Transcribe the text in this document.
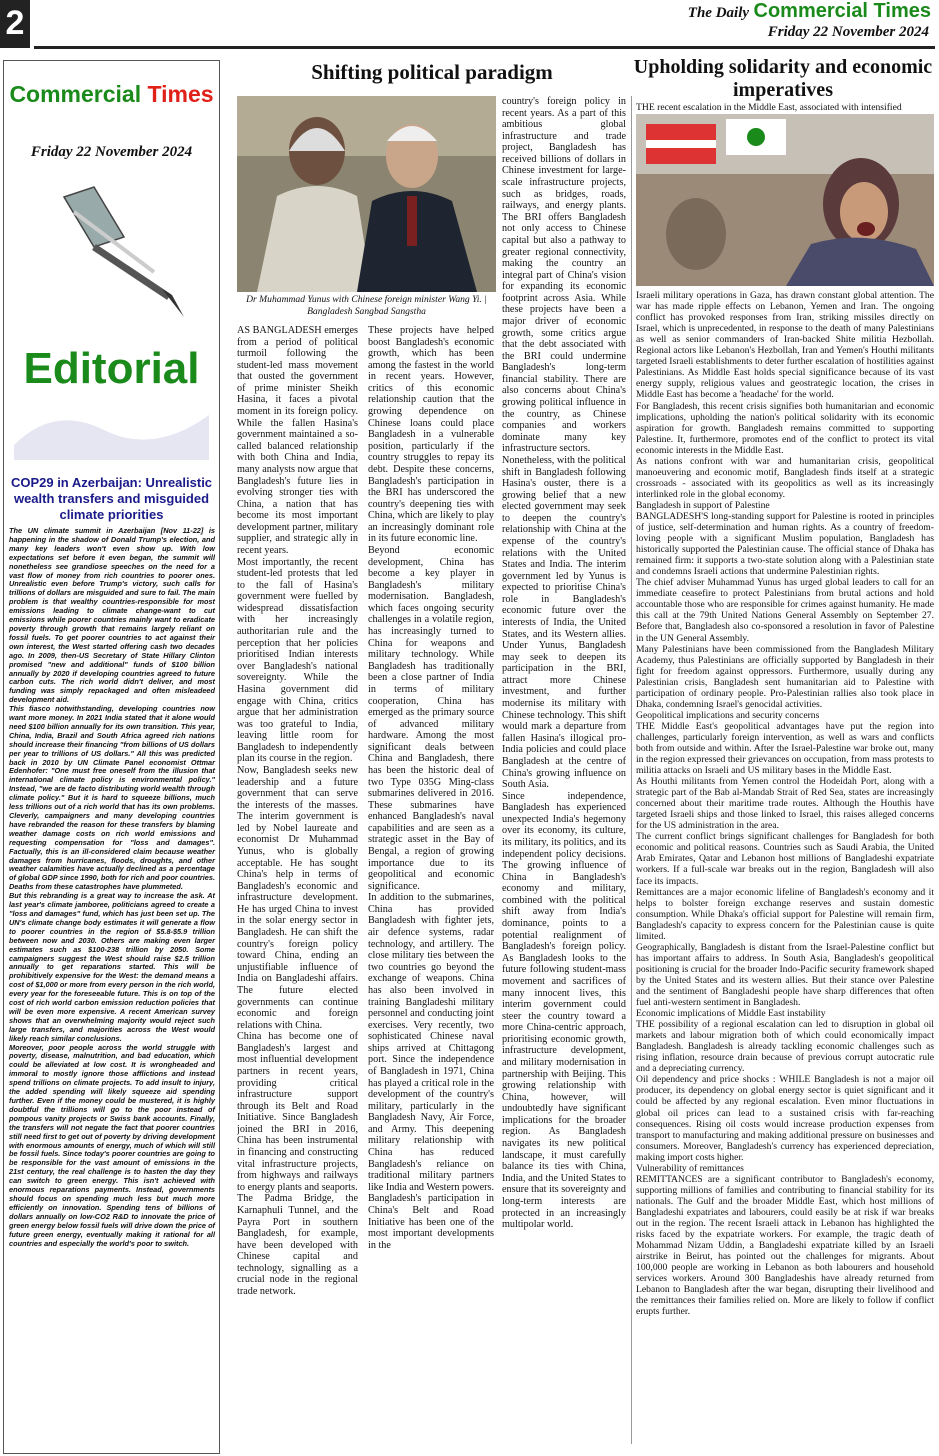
2	The Daily Commercial Times
Friday 22 November 2024
Commercial Times
Friday 22 November 2024
Editorial
COP29 in Azerbaijan: Unrealistic wealth transfers and misguided climate priorities

The UN climate summit in Azerbaijan [Nov 11-22] is happening in the shadow of Donald Trump's election, and many key leaders won't even show up. With low expectations set before it even began, the summit will nonetheless see grandiose speeches on the need for a vast flow of money from rich countries to poorer ones. Unrealistic even before Trump's victory, such calls for trillions of dollars are misguided and sure to fail. The main problem is that wealthy countries-responsible for most emissions leading to climate change-want to cut emissions while poorer countries mainly want to eradicate poverty through growth that remains largely reliant on fossil fuels. To get poorer countries to act against their own interest, the West started offering cash two decades ago. In 2009, then-US Secretary of State Hillary Clinton promised "new and additional" funds of $100 billion annually by 2020 if developing countries agreed to future carbon cuts. The rich world didn't deliver, and most funding was simply repackaged and often misleadeed development aid.

This fiasco notwithstanding, developing countries now want more money. In 2021 India stated that it alone would need $100 billion annually for its own transition. This year, China, India, Brazil and South Africa agreed rich nations should increase their financing "from billions of US dollars per year to trillions of US dollars." All this was predicted back in 2010 by UN Climate Panel economist Ottmar Edenhofer: "One must free oneself from the illusion that international climate policy is environmental policy." Instead, "we are de facto distributing world wealth through climate policy." But it is hard to squeeze billions, much less trillions out of a rich world that has its own problems. Cleverly, campaigners and many developing countries have rebranded the reason for these transfers by blaming weather damage costs on rich world emissions and requesting compensation for "loss and damages". Factually, this is an ill-considered claim because weather damages from hurricanes, floods, droughts, and other weather calamities have actually declined as a percentage of global GDP since 1990, both for rich and poor countries. Deaths from these catastrophes have plummeted.

But this rebranding is a great way to increase the ask. At last year's climate jamboree, politicians agreed to create a "loss and damages" fund, which has just been set up. The UN's climate change body estimates it will generate a flow to poorer countries in the region of $5.8-$5.9 trillion between now and 2030. Others are making even larger estimates such as $100-238 trillion by 2050. Some campaigners suggest the West should raise $2.5 trillion annually to get reparations started. This will be prohibitively expensive for the West: the demand means a cost of $1,000 or more from every person in the rich world, every year for the foreseeable future. This is on top of the cost of rich world carbon emission reduction policies that will be even more expensive. A recent American survey shows that an overwhelming majority would reject such large transfers, and majorities across the West would likely reach similar conclusions.

Moreover, poor people across the world struggle with poverty, disease, malnutrition, and bad education, which could be alleviated at low cost. It is wrongheaded and immoral to mostly ignore those afflictions and instead spend trillions on climate projects. To add insult to injury, the added spending will likely squeeze aid spending further. Even if the money could be mustered, it is highly doubtful the trillions will go to the poor instead of pompous vanity projects or Swiss bank accounts. Finally, the transfers will not negate the fact that poorer countries still need first to get out of poverty by driving development with enormous amounts of energy, much of which will still be fossil fuels. Since today's poorer countries are going to be responsible for the vast amount of emissions in the 21st century, the real challenge is to hasten the day they can switch to green energy. This isn't achieved with enormous reparations payments. Instead, governments should focus on spending much less but much more efficiently on innovation. Spending tens of billions of dollars annually on low-CO2 R&D to innovate the price of green energy below fossil fuels will drive down the price of future green energy, eventually making it rational for all countries and especially the world's poor to switch.

Shifting political paradigm	Upholding solidarity and economic imperatives
Dr Muhammad Yunus with Chinese foreign minister Wang Yi. | Bangladesh Sangbad Sangstha

AS BANGLADESH emerges from a period of political turmoil following the student-led mass movement that ousted the government of prime minister Sheikh Hasina, it faces a pivotal moment in its foreign policy. While the fallen Hasina's government maintained a so-called balanced relationship with both China and India, many analysts now argue that Bangladesh's future lies in evolving stronger ties with China, a nation that has become its most important development partner, military supplier, and strategic ally in recent years.

Most importantly, the recent student-led protests that led to the fall of Hasina's government were fuelled by widespread dissatisfaction with her increasingly authoritarian rule and the perception that her policies prioritised Indian interests over Bangladesh's national sovereignty. While the Hasina government did engage with China, critics argue that her administration was too grateful to India, leaving little room for Bangladesh to independently plan its course in the region.

Now, Bangladesh seeks new leadership and a future government that can serve the interests of the masses. The interim government is led by Nobel laureate and economist Dr Muhammad Yunus, who is globally acceptable. He has sought China's help in terms of Bangladesh's economic and infrastructure development. He has urged China to invest in the solar energy sector in Bangladesh. He can shift the country's foreign policy toward China, ending an unjustifiable influence of India on Bangladeshi affairs. The future elected governments can continue economic and foreign relations with China.

China has become one of Bangladesh's largest and most influential development partners in recent years, providing critical infrastructure support through its Belt and Road Initiative. Since Bangladesh joined the BRI in 2016, China has been instrumental in financing and constructing vital infrastructure projects, from highways and railways to energy plants and seaports.

The Padma Bridge, the Karnaphuli Tunnel, and the Payra Port in southern Bangladesh, for example, have been developed with Chinese capital and technology, signalling as a crucial node in the regional trade network.

These projects have helped boost Bangladesh's economic growth, which has been among the fastest in the world in recent years. However, critics of this economic relationship caution that the growing dependence on Chinese loans could place Bangladesh in a vulnerable position, particularly if the country struggles to repay its debt. Despite these concerns, Bangladesh's participation in the BRI has underscored the country's deepening ties with China, which are likely to play an increasingly dominant role in its future economic line.

Beyond economic development, China has become a key player in Bangladesh's military modernisation. Bangladesh, which faces ongoing security challenges in a volatile region, has increasingly turned to China for weapons and military technology. While Bangladesh has traditionally been a close partner of India in terms of military cooperation, China has emerged as the primary source of advanced military hardware. Among the most significant deals between China and Bangladesh, there has been the historic deal of two Type 035G Ming-class submarines delivered in 2016. These submarines have enhanced Bangladesh's naval capabilities and are seen as a strategic asset in the Bay of Bengal, a region of growing importance due to its geopolitical and economic significance.

In addition to the submarines, China has provided Bangladesh with fighter jets, air defence systems, radar technology, and artillery. The close military ties between the two countries go beyond the exchange of weapons. China has also been involved in training Bangladeshi military personnel and conducting joint exercises. Very recently, two sophisticated Chinese naval ships arrived at Chittagong port. Since the independence of Bangladesh in 1971, China has played a critical role in the development of the country's military, particularly in the Bangladesh Navy, Air Force, and Army. This deepening military relationship with China has reduced Bangladesh's reliance on traditional military partners like India and Western powers.

Bangladesh's participation in China's Belt and Road Initiative has been one of the most important developments in the

country's foreign policy in recent years. As a part of this ambitious global infrastructure and trade project, Bangladesh has received billions of dollars in Chinese investment for large-scale infrastructure projects, such as bridges, roads, railways, and energy plants. The BRI offers Bangladesh not only access to Chinese capital but also a pathway to greater regional connectivity, making the country an integral part of China's vision for expanding its economic footprint across Asia. While these projects have been a major driver of economic growth, some critics argue that the debt associated with the BRI could undermine Bangladesh's long-term financial stability. There are also concerns about China's growing political influence in the country, as Chinese companies and workers dominate many key infrastructure sectors.

Nonetheless, with the political shift in Bangladesh following Hasina's ouster, there is a growing belief that a new elected government may seek to deepen the country's relationship with China at the expense of the country's relations with the United States and India. The interim government led by Yunus is expected to prioritise China's role in Bangladesh's economic future over the interests of India, the United States, and its Western allies. Under Yunus, Bangladesh may seek to deepen its participation in the BRI, attract more Chinese investment, and further modernise its military with Chinese technology. This shift would mark a departure from fallen Hasina's illogical pro-India policies and could place Bangladesh at the centre of China's growing influence on South Asia.

Since independence, Bangladesh has experienced unexpected India's hegemony over its economy, its culture, its military, its politics, and its independent policy decisions. The growing influence of China in Bangladesh's economy and military, combined with the political shift away from India's dominance, points to a potential realignment of Bangladesh's foreign policy. As Bangladesh looks to the future following student-mass movement and sacrifices of many innocent lives, this interim government could steer the country toward a more China-centric approach, prioritising economic growth, infrastructure development, and military modernisation in partnership with Beijing. This growing relationship with China, however, will undoubtedly have significant implications for the broader region. As Bangladesh navigates its new political landscape, it must carefully balance its ties with China, India, and the United States to ensure that its sovereignty and long-term interests are protected in an increasingly multipolar world.

THE recent escalation in the Middle East, associated with intensified

Israeli military operations in Gaza, has drawn constant global attention. The war has made ripple effects on Lebanon, Yemen and Iran. The ongoing conflict has provoked responses from Iran, striking missiles directly on Israel, which is unprecedented, in response to the death of many Palestinians as well as senior commanders of Iran-backed Shite militia Hezbollah. Regional actors like Lebanon's Hezbollah, Iran and Yemen's Houthi militants targeted Israeli establishments to deter further escalation of hostilities against Palestinians. As Middle East holds special significance because of its vast energy supply, religious values and geostrategic location, the crises in Middle East has become a 'headache' for the world.

For Bangladesh, this recent crisis signifies both humanitarian and economic implications, upholding the nation's political solidarity with its economic aspiration for growth. Bangladesh remains committed to supporting Palestine. It, furthermore, promotes end of the conflict to protect its vital economic interests in the Middle East.

As nations confront with war and humanitarian crisis, geopolitical manoeuvering and economic motif, Bangladesh finds itself at a strategic crossroads - associated with its geopolitics as well as its increasingly interlinked role in the global economy.

Bangladesh in support of Palestine

BANGLADESH'S long-standing support for Palestine is rooted in principles of justice, self-determination and human rights. As a country of freedom-loving people with a significant Muslim population, Bangladesh has historically supported the Palestinian cause. The official stance of Dhaka has remained firm: it supports a two-state solution along with a Palestinian state and condemns Israeli actions that undermine Palestinian rights.

The chief adviser Muhammad Yunus has urged global leaders to call for an immediate ceasefire to protect Palestinians from brutal actions and hold accountable those who are responsible for crimes against humanity. He made this call at the 79th United Nations General Assembly on September 27. Before that, Bangladesh also co-sponsored a resolution in favor of Palestine in the UN General Assembly.

Many Palestinians have been commissioned from the Bangladesh Military Academy, thus Palestinians are officially supported by Bangladesh in their fight for freedom against oppressors. Furthermore, usually during any Palestinian crisis, Bangladesh sent humanitarian aid to Palestine with participation of ordinary people. Pro-Palestinian rallies also took place in Dhaka, condemning Israel's genocidal activities.

Geopolitical implications and security concerns

THE Middle East's geopolitical advantages have put the region into challenges, particularly foreign intervention, as well as wars and conflicts both from outside and within. After the Israel-Palestine war broke out, many in the region expressed their grievances on occupation, from mass protests to militia attacks on Israeli and US military bases in the Middle East.

As Houthi militants from Yemen control the Hodeidah Port, along with a strategic part of the Bab al-Mandab Strait of Red Sea, states are increasingly concerned about their maritime trade routes. Although the Houthis have targeted Israeli ships and those linked to Israel, this raises alleged concerns for the US administration in the area.

The current conflict brings significant challenges for Bangladesh for both economic and political reasons. Countries such as Saudi Arabia, the United Arab Emirates, Qatar and Lebanon host millions of Bangladeshi expatriate workers. If a full-scale war breaks out in the region, Bangladesh will also face its impacts.

Remittances are a major economic lifeline of Bangladesh's economy and it helps to bolster foreign exchange reserves and sustain domestic consumption. While Dhaka's official support for Palestine will remain firm, Bangladesh's capacity to express concern for the Palestinian cause is quite limited.

Geographically, Bangladesh is distant from the Israel-Palestine conflict but has important affairs to address. In South Asia, Bangladesh's geopolitical positioning is crucial for the broader Indo-Pacific security framework shaped by the United States and its western allies. But their stance over Palestine and the sentiment of Bangladeshi people have sharp differences that often fuel anti-western sentiment in Bangladesh.

Economic implications of Middle East instability

THE possibility of a regional escalation can led to disruption in global oil markets and labour migration both of which could economically impact Bangladesh. Bangladesh is already tackling economic challenges such as rising inflation, resource drain because of previous corrupt autocratic rule and a depreciating currency.

Oil dependency and price shocks : WHILE Bangladesh is not a major oil producer, its dependency on global energy sector is quiet significant and it could be affected by any regional escalation. Even minor fluctuations in global oil prices can lead to a sustained crisis with far-reaching consequences. Rising oil costs would increase production expenses from transport to manufacturing and making additional pressure on businesses and consumers. Moreover, Bangladesh's currency has experienced depreciation, making import costs higher.

Vulnerability of remittances

REMITTANCES are a significant contributor to Bangladesh's economy, supporting millions of families and contributing to financial stability for its nationals. The Gulf and the broader Middle East, which host millions of Bangladeshi expatriates and labourers, could easily be at risk if war breaks out in the region. The recent Israeli attack in Lebanon has highlighted the risks faced by the expatriate workers. For example, the tragic death of Mohammad Nizam Uddin, a Bangladeshi expatriate killed by an Israeli airstrike in Beirut, has pointed out the challenges for migrants. About 100,000 people are working in Lebanon as both labourers and household services workers. Around 300 Bangladeshis have already returned from Lebanon to Bangladesh after the war began, disrupting their livelihood and the remittances their families relied on. More are likely to follow if conflict erupts further.
